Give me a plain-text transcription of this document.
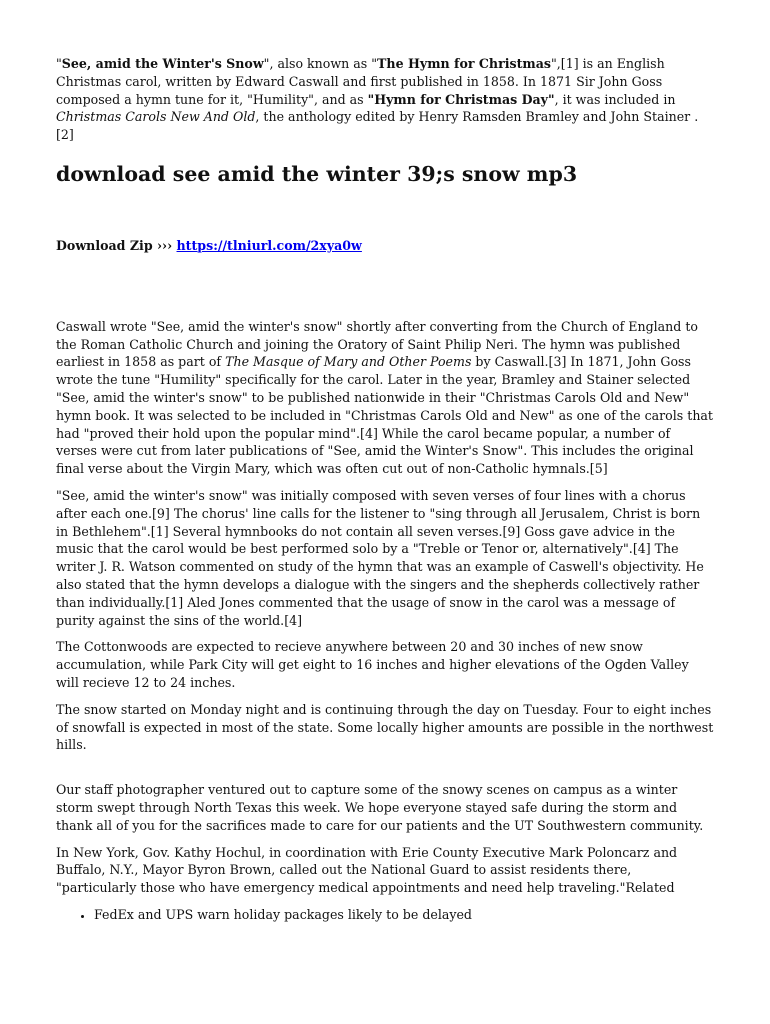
"See, amid the Winter's Snow", also known as "The Hymn for Christmas",[1] is an English Christmas carol, written by Edward Caswall and first published in 1858. In 1871 Sir John Goss composed a hymn tune for it, "Humility", and as "Hymn for Christmas Day", it was included in Christmas Carols New And Old, the anthology edited by Henry Ramsden Bramley and John Stainer .[2]

download see amid the winter 39;s snow mp3

Download Zip ››› https://tlniurl.com/2xya0w

Caswall wrote "See, amid the winter's snow" shortly after converting from the Church of England to the Roman Catholic Church and joining the Oratory of Saint Philip Neri. The hymn was published earliest in 1858 as part of The Masque of Mary and Other Poems by Caswall.[3] In 1871, John Goss wrote the tune "Humility" specifically for the carol. Later in the year, Bramley and Stainer selected "See, amid the winter's snow" to be published nationwide in their "Christmas Carols Old and New" hymn book. It was selected to be included in "Christmas Carols Old and New" as one of the carols that had "proved their hold upon the popular mind".[4] While the carol became popular, a number of verses were cut from later publications of "See, amid the Winter's Snow". This includes the original final verse about the Virgin Mary, which was often cut out of non-Catholic hymnals.[5]

"See, amid the winter's snow" was initially composed with seven verses of four lines with a chorus after each one.[9] The chorus' line calls for the listener to "sing through all Jerusalem, Christ is born in Bethlehem".[1] Several hymnbooks do not contain all seven verses.[9] Goss gave advice in the music that the carol would be best performed solo by a "Treble or Tenor or, alternatively".[4] The writer J. R. Watson commented on study of the hymn that was an example of Caswell's objectivity. He also stated that the hymn develops a dialogue with the singers and the shepherds collectively rather than individually.[1] Aled Jones commented that the usage of snow in the carol was a message of purity against the sins of the world.[4]

The Cottonwoods are expected to recieve anywhere between 20 and 30 inches of new snow accumulation, while Park City will get eight to 16 inches and higher elevations of the Ogden Valley will recieve 12 to 24 inches.

The snow started on Monday night and is continuing through the day on Tuesday. Four to eight inches of snowfall is expected in most of the state. Some locally higher amounts are possible in the northwest hills.

Our staff photographer ventured out to capture some of the snowy scenes on campus as a winter storm swept through North Texas this week. We hope everyone stayed safe during the storm and thank all of you for the sacrifices made to care for our patients and the UT Southwestern community.

In New York, Gov. Kathy Hochul, in coordination with Erie County Executive Mark Poloncarz and Buffalo, N.Y., Mayor Byron Brown, called out the National Guard to assist residents there, "particularly those who have emergency medical appointments and need help traveling."Related

• FedEx and UPS warn holiday packages likely to be delayed
